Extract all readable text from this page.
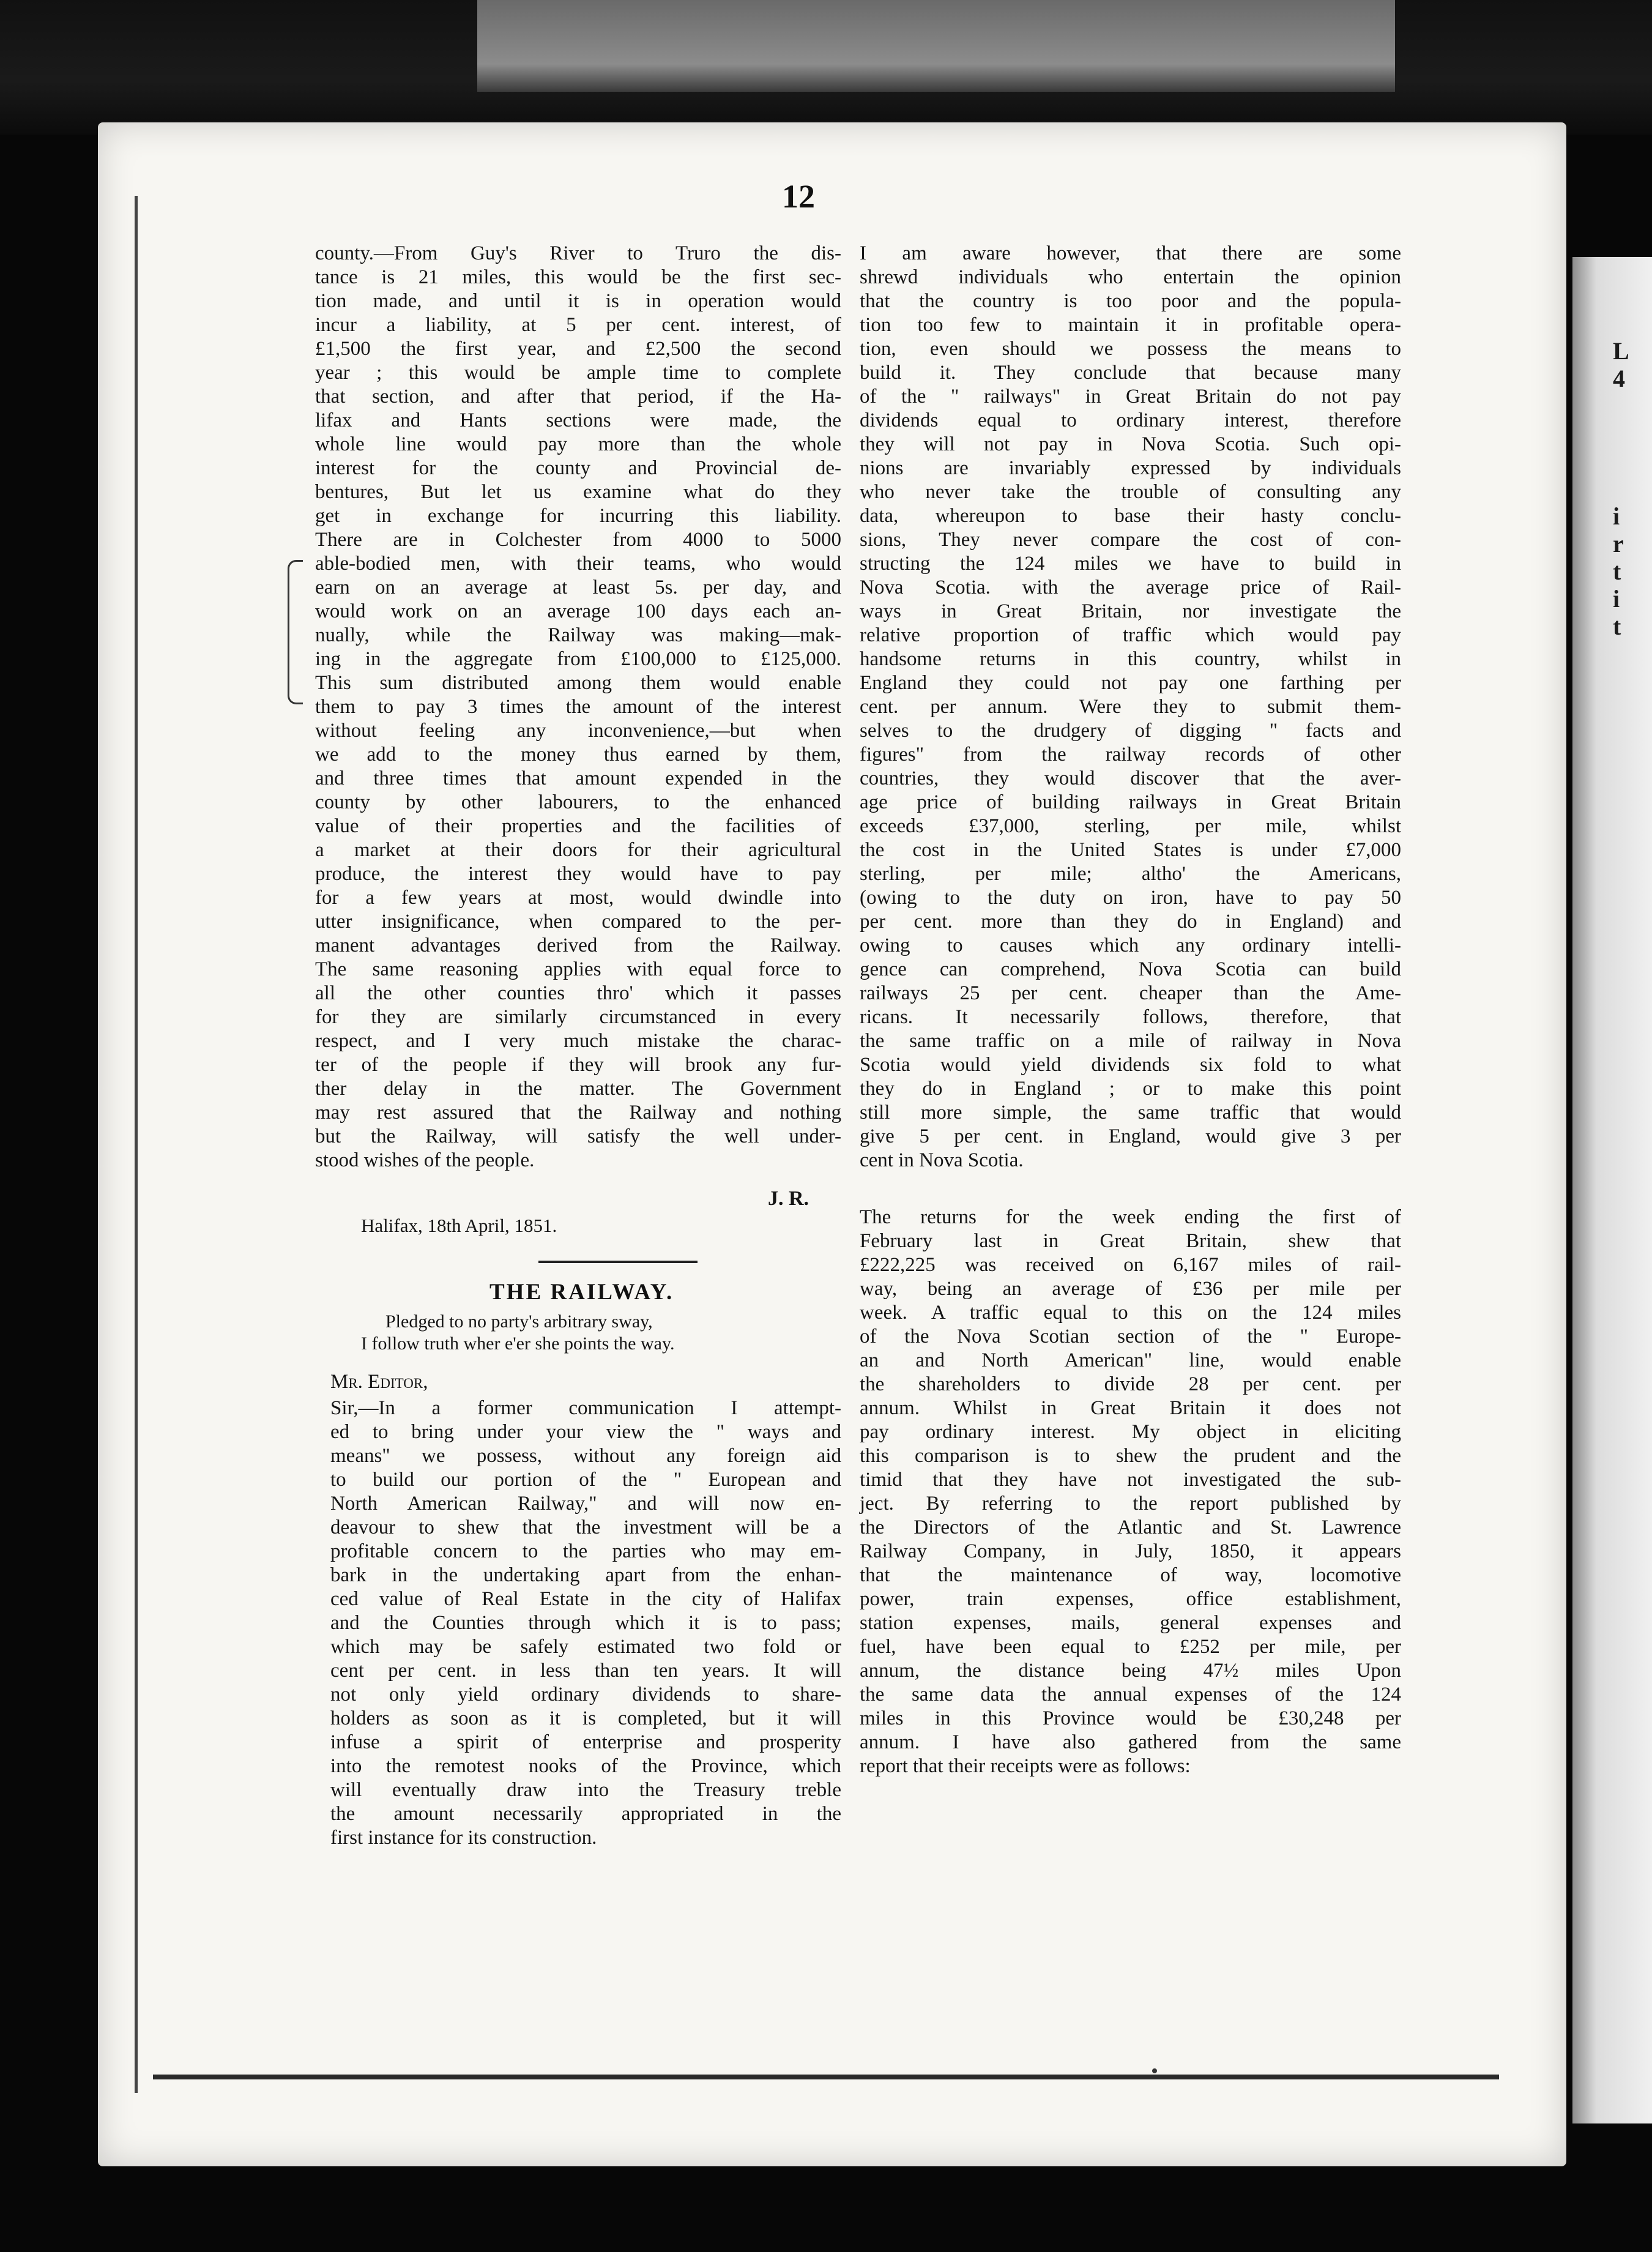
L
4
i
r
t
i
t
12
county.—From Guy's River to Truro the dis-
tance is 21 miles, this would be the first sec-
tion made, and until it is in operation would
incur a liability, at 5 per cent. interest, of
£1,500 the first year, and £2,500 the second
year ; this would be ample time to complete
that section, and after that period, if the Ha-
lifax and Hants sections were made, the
whole line would pay more than the whole
interest for the county and Provincial de-
bentures, But let us examine what do they
get in exchange for incurring this liability.
There are in Colchester from 4000 to 5000
able-bodied men, with their teams, who would
earn on an average at least 5s. per day, and
would work on an average 100 days each an-
nually, while the Railway was making—mak-
ing in the aggregate from £100,000 to £125,000.
This sum distributed among them would enable
them to pay 3 times the amount of the interest
without feeling any inconvenience,—but when
we add to the money thus earned by them,
and three times that amount expended in the
county by other labourers, to the enhanced
value of their properties and the facilities of
a market at their doors for their agricultural
produce, the interest they would have to pay
for a few years at most, would dwindle into
utter insignificance, when compared to the per-
manent advantages derived from the Railway.
The same reasoning applies with equal force to
all the other counties thro' which it passes
for they are similarly circumstanced in every
respect, and I very much mistake the charac-
ter of the people if they will brook any fur-
ther delay in the matter. The Government
may rest assured that the Railway and nothing
but the Railway, will satisfy the well under-
stood wishes of the people.
J. R.
Halifax, 18th April, 1851.
THE RAILWAY.
Pledged to no party's arbitrary sway,
I follow truth wher e'er she points the way.
Mr. Editor,
Sir,—In a former communication I attempt-
ed to bring under your view the " ways and
means" we possess, without any foreign aid
to build our portion of the " European and
North American Railway," and will now en-
deavour to shew that the investment will be a
profitable concern to the parties who may em-
bark in the undertaking apart from the enhan-
ced value of Real Estate in the city of Halifax
and the Counties through which it is to pass;
which may be safely estimated two fold or
cent per cent. in less than ten years. It will
not only yield ordinary dividends to share-
holders as soon as it is completed, but it will
infuse a spirit of enterprise and prosperity
into the remotest nooks of the Province, which
will eventually draw into the Treasury treble
the amount necessarily appropriated in the
first instance for its construction.
I am aware however, that there are some
shrewd individuals who entertain the opinion
that the country is too poor and the popula-
tion too few to maintain it in profitable opera-
tion, even should we possess the means to
build it. They conclude that because many
of the " railways" in Great Britain do not pay
dividends equal to ordinary interest, therefore
they will not pay in Nova Scotia. Such opi-
nions are invariably expressed by individuals
who never take the trouble of consulting any
data, whereupon to base their hasty conclu-
sions, They never compare the cost of con-
structing the 124 miles we have to build in
Nova Scotia. with the average price of Rail-
ways in Great Britain, nor investigate the
relative proportion of traffic which would pay
handsome returns in this country, whilst in
England they could not pay one farthing per
cent. per annum. Were they to submit them-
selves to the drudgery of digging " facts and
figures" from the railway records of other
countries, they would discover that the aver-
age price of building railways in Great Britain
exceeds £37,000, sterling, per mile, whilst
the cost in the United States is under £7,000
sterling, per mile; altho' the Americans,
(owing to the duty on iron, have to pay 50
per cent. more than they do in England) and
owing to causes which any ordinary intelli-
gence can comprehend, Nova Scotia can build
railways 25 per cent. cheaper than the Ame-
ricans. It necessarily follows, therefore, that
the same traffic on a mile of railway in Nova
Scotia would yield dividends six fold to what
they do in England ; or to make this point
still more simple, the same traffic that would
give 5 per cent. in England, would give 3 per
cent in Nova Scotia.
The returns for the week ending the first of
February last in Great Britain, shew that
£222,225 was received on 6,167 miles of rail-
way, being an average of £36 per mile per
week. A traffic equal to this on the 124 miles
of the Nova Scotian section of the " Europe-
an and North American" line, would enable
the shareholders to divide 28 per cent. per
annum. Whilst in Great Britain it does not
pay ordinary interest. My object in eliciting
this comparison is to shew the prudent and the
timid that they have not investigated the sub-
ject. By referring to the report published by
the Directors of the Atlantic and St. Lawrence
Railway Company, in July, 1850, it appears
that the maintenance of way, locomotive
power, train expenses, office establishment,
station expenses, mails, general expenses and
fuel, have been equal to £252 per mile, per
annum, the distance being 47½ miles Upon
the same data the annual expenses of the 124
miles in this Province would be £30,248 per
annum. I have also gathered from the same
report that their receipts were as follows:
